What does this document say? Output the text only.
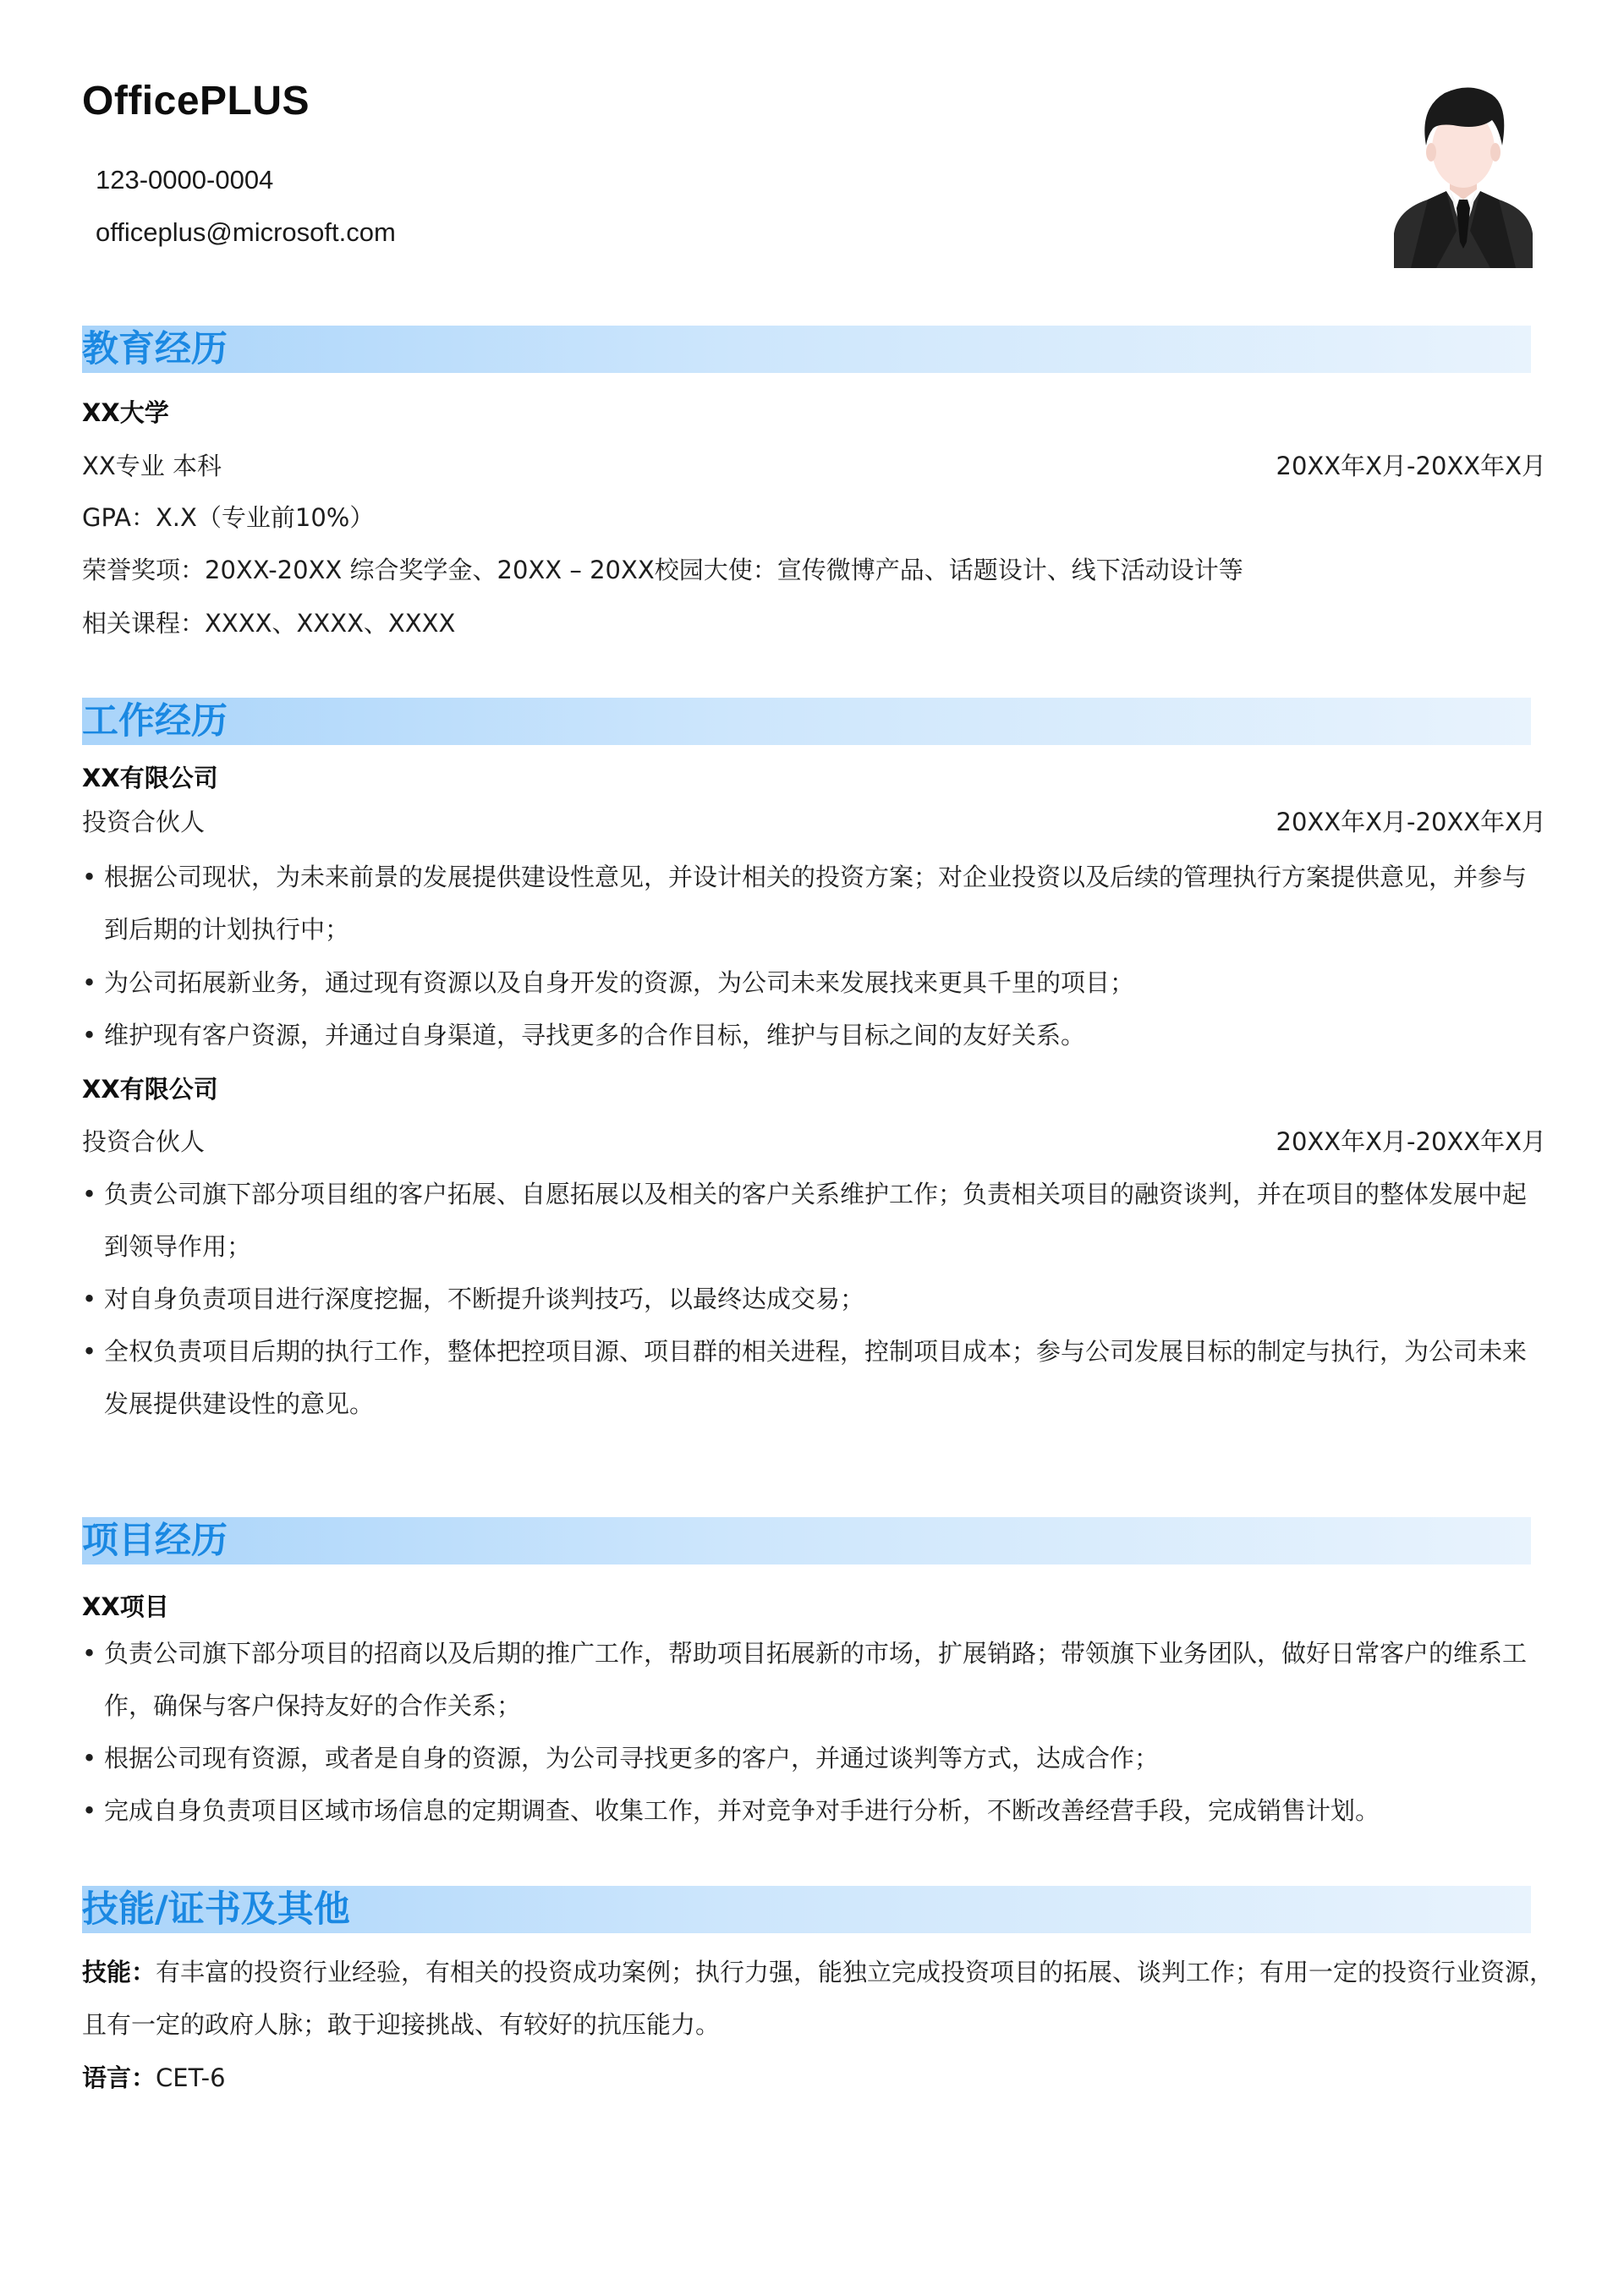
OfficePLUS
123-0000-0004
officeplus@microsoft.com
教育经历
XX大学
XX专业 本科	20XX年X月-20XX年X月
GPA：X.X（专业前10%）
荣誉奖项：20XX-20XX 综合奖学金、20XX – 20XX校园大使：宣传微博产品、话题设计、线下活动设计等
相关课程：XXXX、XXXX、XXXX
工作经历
XX有限公司
投资合伙人	20XX年X月-20XX年X月
• 根据公司现状，为未来前景的发展提供建设性意见，并设计相关的投资方案；对企业投资以及后续的管理执行方案提供意见，并参与到后期的计划执行中；
• 为公司拓展新业务，通过现有资源以及自身开发的资源，为公司未来发展找来更具千里的项目；
• 维护现有客户资源，并通过自身渠道，寻找更多的合作目标，维护与目标之间的友好关系。
XX有限公司
投资合伙人	20XX年X月-20XX年X月
• 负责公司旗下部分项目组的客户拓展、自愿拓展以及相关的客户关系维护工作；负责相关项目的融资谈判，并在项目的整体发展中起到领导作用；
• 对自身负责项目进行深度挖掘，不断提升谈判技巧，以最终达成交易；
• 全权负责项目后期的执行工作，整体把控项目源、项目群的相关进程，控制项目成本；参与公司发展目标的制定与执行，为公司未来发展提供建设性的意见。
项目经历
XX项目
• 负责公司旗下部分项目的招商以及后期的推广工作，帮助项目拓展新的市场，扩展销路；带领旗下业务团队，做好日常客户的维系工作，确保与客户保持友好的合作关系；
• 根据公司现有资源，或者是自身的资源，为公司寻找更多的客户，并通过谈判等方式，达成合作；
• 完成自身负责项目区域市场信息的定期调查、收集工作，并对竞争对手进行分析，不断改善经营手段，完成销售计划。
技能/证书及其他
技能：有丰富的投资行业经验，有相关的投资成功案例；执行力强，能独立完成投资项目的拓展、谈判工作；有用一定的投资行业资源，且有一定的政府人脉；敢于迎接挑战、有较好的抗压能力。
语言：CET-6
